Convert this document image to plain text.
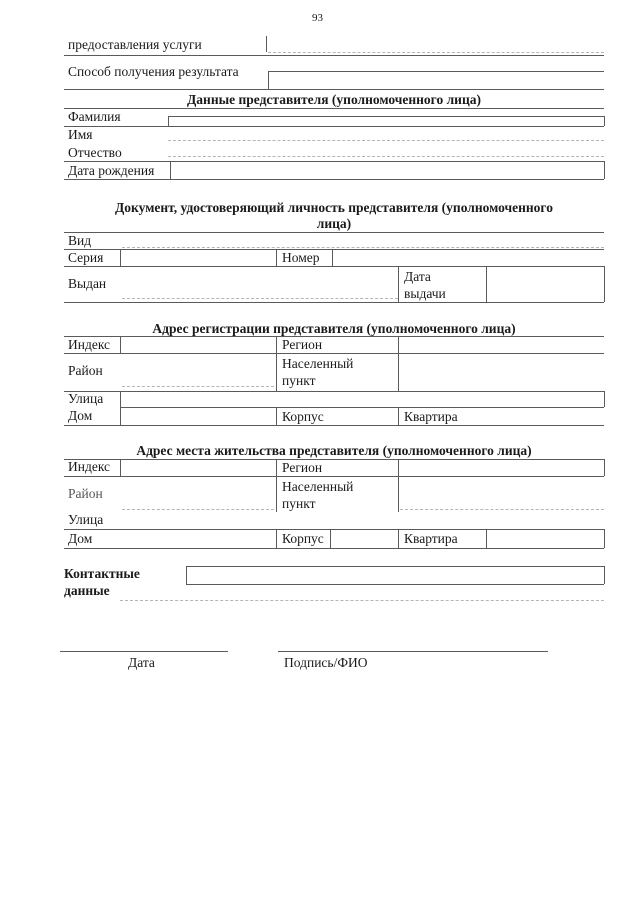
93
предоставления услуги
Способ получения результата
Данные представителя (уполномоченного лица)
Фамилия
Имя
Отчество
Дата рождения
Документ, удостоверяющий личность представителя (уполномоченного
лица)
Вид
Серия	Номер
Выдан	Дата
выдачи
Адрес регистрации представителя (уполномоченного лица)
Индекс	Регион
Район	Населенный
пункт
Улица
Дом	Корпус	Квартира
Адрес места жительства представителя (уполномоченного лица)
Индекс	Регион
Район	Населенный
пункт
Улица
Дом	Корпус	Квартира
Контактные
данные
Дата	Подпись/ФИО
